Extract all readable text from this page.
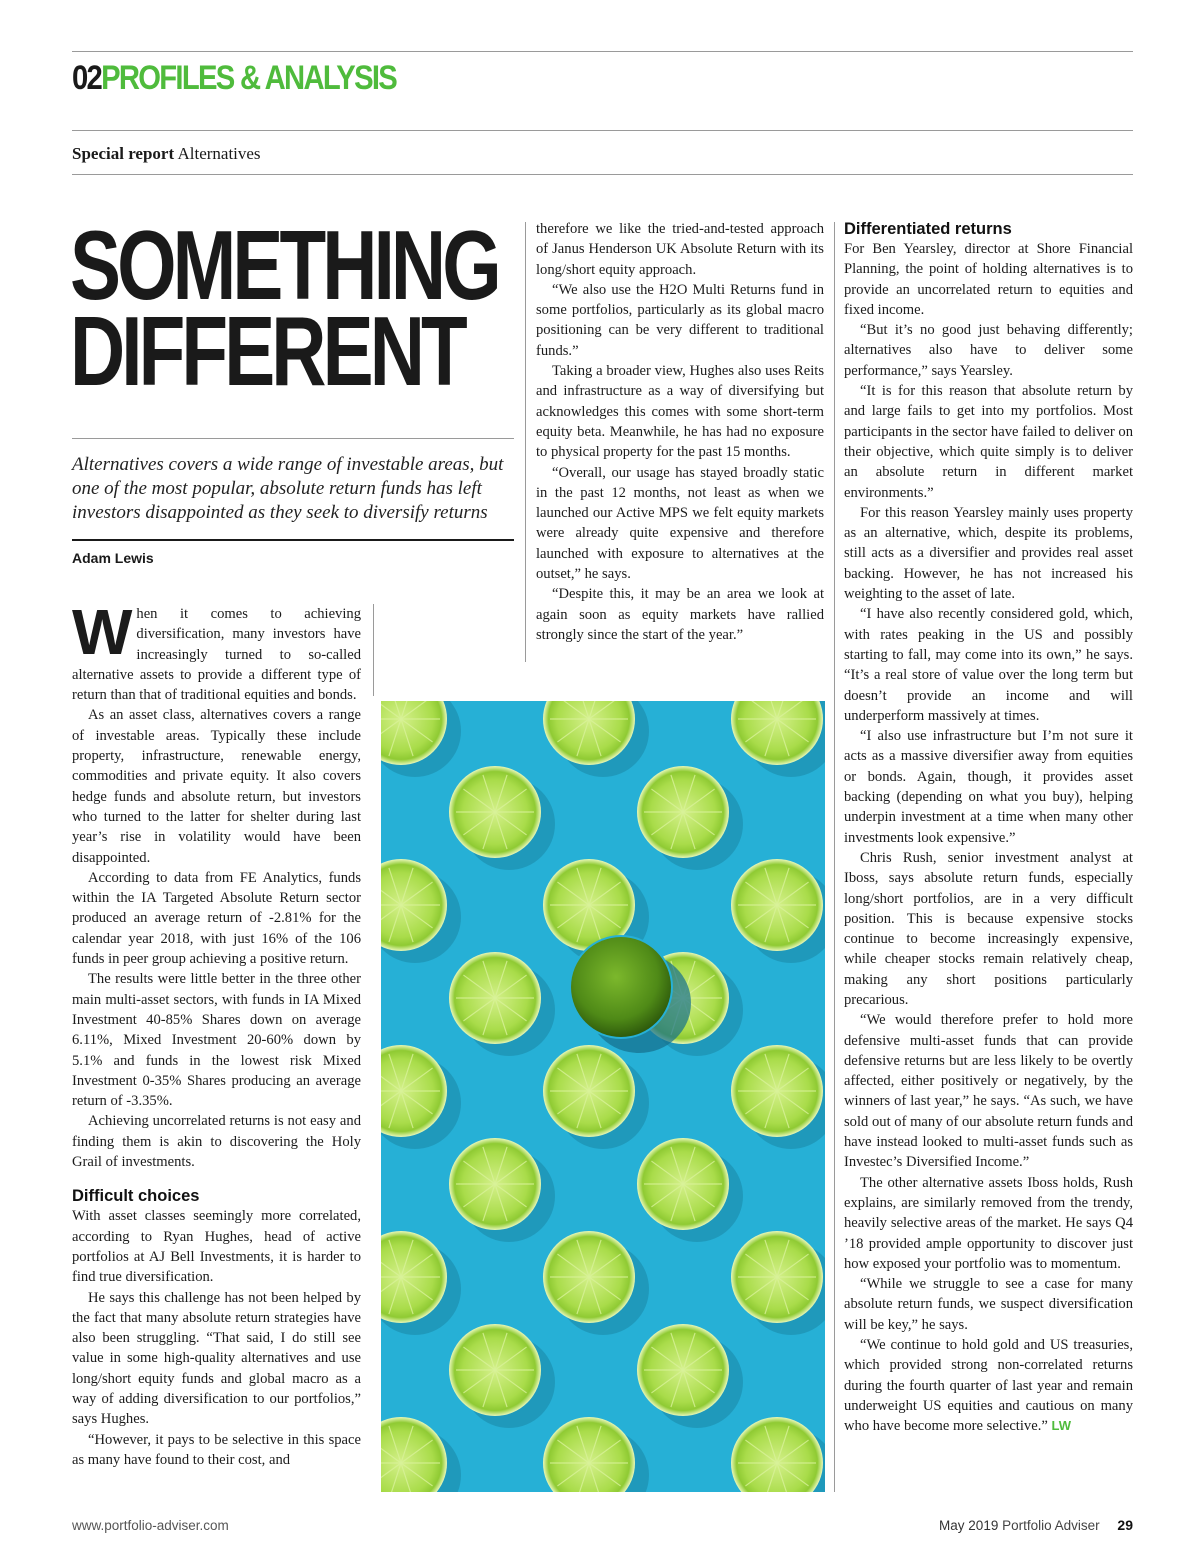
02PROFILES & ANALYSIS
Special report Alternatives
SOMETHING
DIFFERENT
Alternatives covers a wide range of investable areas, but one of the most popular, absolute return funds has left investors disappointed as they seek to diversify returns
Adam Lewis

When it comes to achieving diversification, many investors have increasingly turned to so-called alternative assets to provide a different type of return than that of traditional equities and bonds.

As an asset class, alternatives covers a range of investable areas. Typically these include property, infrastructure, renewable energy, commodities and private equity. It also covers hedge funds and absolute return, but investors who turned to the latter for shelter during last year’s rise in volatility would have been disappointed.

According to data from FE Analytics, funds within the IA Targeted Absolute Return sector produced an average return of -2.81% for the calendar year 2018, with just 16% of the 106 funds in peer group achieving a positive return.

The results were little better in the three other main multi-asset sectors, with funds in IA Mixed Investment 40-85% Shares down on average 6.11%, Mixed Investment 20-60% down by 5.1% and funds in the lowest risk Mixed Investment 0-35% Shares producing an average return of -3.35%.

Achieving uncorrelated returns is not easy and finding them is akin to discovering the Holy Grail of investments.

Difficult choices

With asset classes seemingly more correlated, according to Ryan Hughes, head of active portfolios at AJ Bell Investments, it is harder to find true diversification.

He says this challenge has not been helped by the fact that many absolute return strategies have also been struggling. “That said, I do still see value in some high-quality alternatives and use long/short equity funds and global macro as a way of adding diversification to our portfolios,” says Hughes.

“However, it pays to be selective in this space as many have found to their cost, and

therefore we like the tried-and-tested approach of Janus Henderson UK Absolute Return with its long/short equity approach.

“We also use the H2O Multi Returns fund in some portfolios, particularly as its global macro positioning can be very different to traditional funds.”

Taking a broader view, Hughes also uses Reits and infrastructure as a way of diversifying but acknowledges this comes with some short-term equity beta. Meanwhile, he has had no exposure to physical property for the past 15 months.

“Overall, our usage has stayed broadly static in the past 12 months, not least as when we launched our Active MPS we felt equity markets were already quite expensive and therefore launched with exposure to alternatives at the outset,” he says.

“Despite this, it may be an area we look at again soon as equity markets have rallied strongly since the start of the year.”

Differentiated returns

For Ben Yearsley, director at Shore Financial Planning, the point of holding alternatives is to provide an uncorrelated return to equities and fixed income.

“But it’s no good just behaving differently; alternatives also have to deliver some performance,” says Yearsley.

“It is for this reason that absolute return by and large fails to get into my portfolios. Most participants in the sector have failed to deliver on their objective, which quite simply is to deliver an absolute return in different market environments.”

For this reason Yearsley mainly uses property as an alternative, which, despite its problems, still acts as a diversifier and provides real asset backing. However, he has not increased his weighting to the asset of late.

“I have also recently considered gold, which, with rates peaking in the US and possibly starting to fall, may come into its own,” he says. “It’s a real store of value over the long term but doesn’t provide an income and will underperform massively at times.

“I also use infrastructure but I’m not sure it acts as a massive diversifier away from equities or bonds. Again, though, it provides asset backing (depending on what you buy), helping underpin investment at a time when many other investments look expensive.”

Chris Rush, senior investment analyst at Iboss, says absolute return funds, especially long/short portfolios, are in a very difficult position. This is because expensive stocks continue to become increasingly expensive, while cheaper stocks remain relatively cheap, making any short positions particularly precarious.

“We would therefore prefer to hold more defensive multi-asset funds that can provide defensive returns but are less likely to be overtly affected, either positively or negatively, by the winners of last year,” he says. “As such, we have sold out of many of our absolute return funds and have instead looked to multi-asset funds such as Investec’s Diversified Income.”

The other alternative assets Iboss holds, Rush explains, are similarly removed from the trendy, heavily selective areas of the market. He says Q4 ’18 provided ample opportunity to discover just how exposed your portfolio was to momentum.

“While we struggle to see a case for many absolute return funds, we suspect diversification will be key,” he says.

“We continue to hold gold and US treasuries, which provided strong non-correlated returns during the fourth quarter of last year and remain underweight US equities and cautious on many who have become more selective.” LW

www.portfolio-adviser.com	May 2019 Portfolio Adviser 29
